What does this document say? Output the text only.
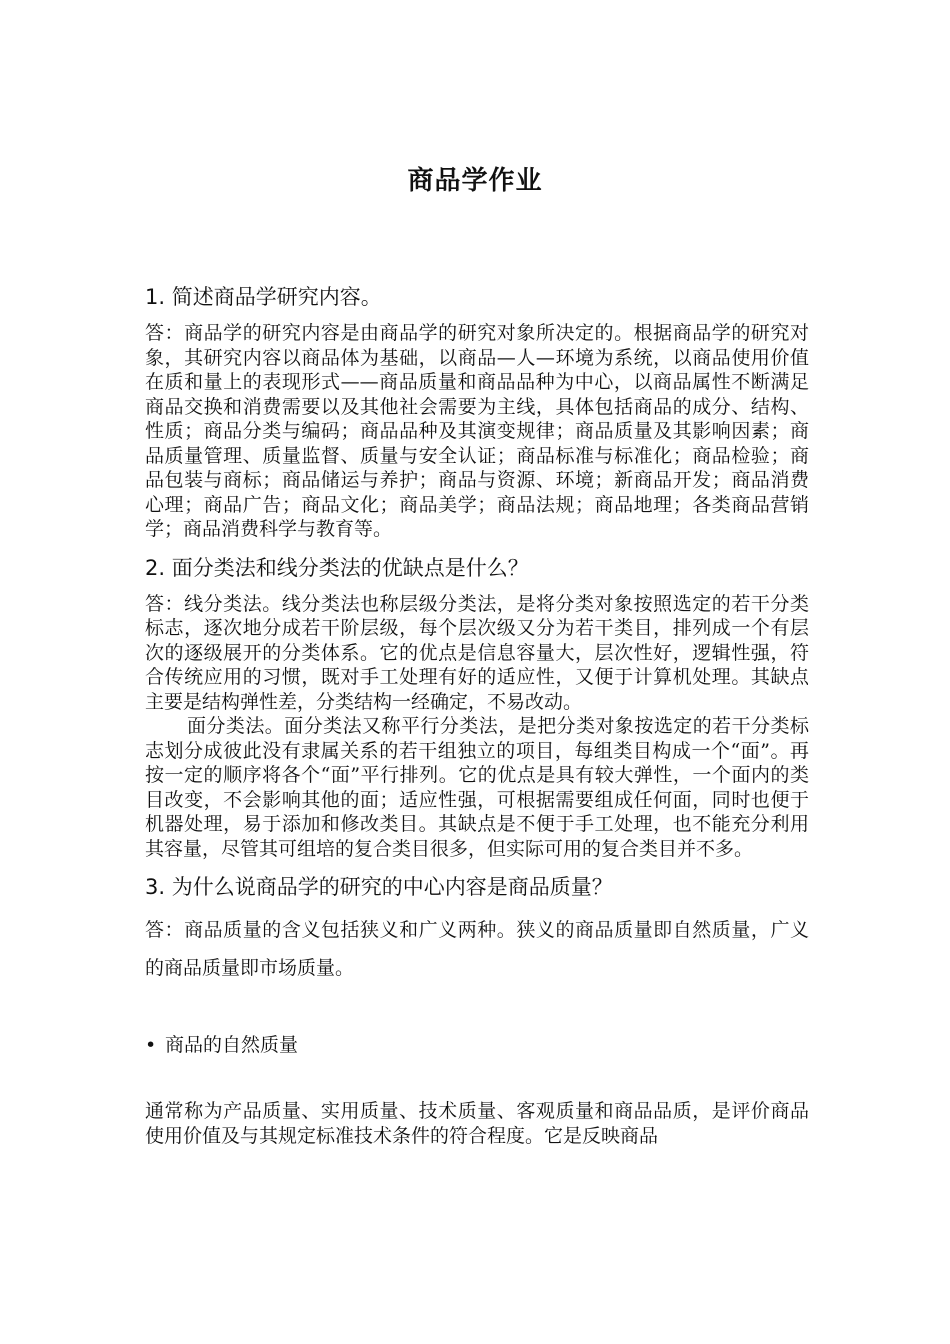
商品学作业
1. 简述商品学研究内容。

答：商品学的研究内容是由商品学的研究对象所决定的。根据商品学的研究对象，其研究内容以商品体为基础，以商品—人—环境为系统，以商品使用价值在质和量上的表现形式——商品质量和商品品种为中心，以商品属性不断满足商品交换和消费需要以及其他社会需要为主线，具体包括商品的成分、结构、性质；商品分类与编码；商品品种及其演变规律；商品质量及其影响因素；商品质量管理、质量监督、质量与安全认证；商品标准与标准化；商品检验；商品包装与商标；商品储运与养护；商品与资源、环境；新商品开发；商品消费心理；商品广告；商品文化；商品美学；商品法规；商品地理；各类商品营销学；商品消费科学与教育等。

2. 面分类法和线分类法的优缺点是什么？

答：线分类法。线分类法也称层级分类法，是将分类对象按照选定的若干分类标志，逐次地分成若干阶层级，每个层次级又分为若干类目，排列成一个有层次的逐级展开的分类体系。它的优点是信息容量大，层次性好，逻辑性强，符合传统应用的习惯，既对手工处理有好的适应性，又便于计算机处理。其缺点主要是结构弹性差，分类结构一经确定，不易改动。

面分类法。面分类法又称平行分类法，是把分类对象按选定的若干分类标志划分成彼此没有隶属关系的若干组独立的项目，每组类目构成一个“面”。再按一定的顺序将各个“面”平行排列。它的优点是具有较大弹性，一个面内的类目改变，不会影响其他的面；适应性强，可根据需要组成任何面，同时也便于机器处理，易于添加和修改类目。其缺点是不便于手工处理，也不能充分利用其容量，尽管其可组培的复合类目很多，但实际可用的复合类目并不多。

3. 为什么说商品学的研究的中心内容是商品质量？

答：商品质量的含义包括狭义和广义两种。狭义的商品质量即自然质量，广义的商品质量即市场质量。

• 商品的自然质量

通常称为产品质量、实用质量、技术质量、客观质量和商品品质，是评价商品使用价值及与其规定标准技术条件的符合程度。它是反映商品
